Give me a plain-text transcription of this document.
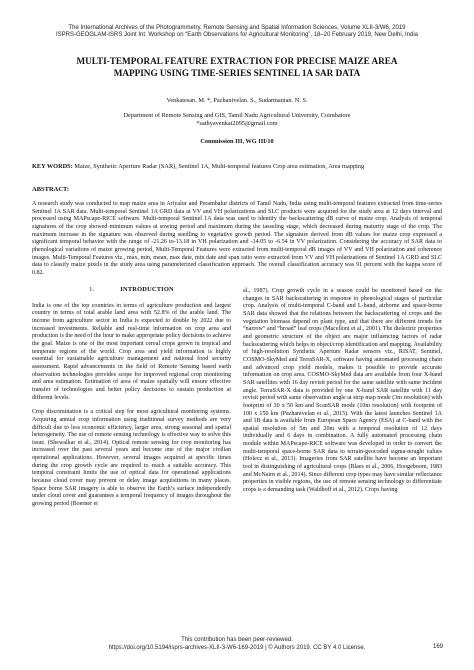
The International Archives of the Photogrammetry, Remote Sensing and Spatial Information Sciences, Volume XLII-3/W6, 2019
ISPRS-GEOGLAM-ISRS Joint Int. Workshop on “Earth Observations for Agricultural Monitoring”, 18–20 February 2019, New Delhi, India
MULTI-TEMPORAL FEATURE EXTRACTION FOR PRECISE MAIZE AREA
MAPPING USING TIME-SERIES SENTINEL 1A SAR DATA
Venkatesan. M. *, Pazhanivelan. S., Sudarmanian. N. S.
Department of Remote Sensing and GIS, Tamil Nadu Agricultural University, Coimbatore
*sathyavenkat2095@gmail.com
Commission III, WG III/10
KEY WORDS: Maize, Synthetic Aperture Radar (SAR), Sentinel 1A, Multi-temporal features Crop area estimation, Area mapping
ABSTRACT:
A research study was conducted to map maize area in Ariyalur and Perambalur districts of Tamil Nadu, India using multi-temporal features extracted from time-series Sentinel 1A SAR data. Multi-temporal Sentinel 1A GRD data at VV and VH polarizations and SLC products were acquired for the study area at 12 days interval and processed using MAPscape-RICE software. Multi-temporal Sentinel 1A data was used to identify the backscattering dB curve of maize crop. Analysis of temporal signatures of the crop showed minimum values at sowing period and maximum during the tasseling stage, which decreased during maturity stage of the crop. The maximum increase in the signature was observed during seedling to vegetative growth period. The signature derived from dB values for maize crop expressed a significant temporal behavior with the range of -21.26 to-13.18 in VH polarization and -14.05 to -6.54 in VV polarization. Considering the accuracy of SAR data to phenological variations of maize growing period, Multi-Temporal Features were extracted from multi-temporal dB images of VV and VH polarization and coherence images. Multi-Temporal Features viz., max, min, mean, max date, min date and span ratio were extracted from VV and VH polarizations of Sentinel 1A GRD and SLC data to classify maize pixels in the study area using parameterized classification approach. The overall classification accuracy was 91 percent with the kappa score of 0.82.
1.	INTRODUCTION

India is one of the top countries in terms of agriculture production and largest country in terms of total arable land area with 52.8% of the arable land. The income from agriculture sector in India is expected to double by 2022 due to increased investments. Reliable and real-time information on crop area and production is the need of the hour to make appropriate policy decisions to achieve the goal. Maize is one of the most important cereal crops grown in tropical and temperate regions of the world. Crop area and yield information is highly essential for sustainable agriculture management and national food security assessment. Rapid advancements in the field of Remote Sensing based earth observation technologies provides scope for improved regional crop monitoring and area estimation. Estimation of area of maize spatially will ensure effective transfer of technologies and better policy decisions to sustain production at different levels.

Crop discrimination is a critical step for most agricultural monitoring systems. Acquiring annual crop information using traditional survey methods are very difficult due to less economic efficiency, larger area, strong seasonal and spatial heterogeneity. The use of remote sensing technology is effective way to solve this issue. (Shewalkar et al., 2014). Optical remote sensing for crop monitoring has increased over the past several years and become one of the major civilian operational applications. However, several images acquired at specific times during the crop growth cycle are required to reach a suitable accuracy. This temporal constraint limits the use of optical data for operational applications because cloud cover may prevent or delay image acquisitions in many places. Space borne SAR imagery is able to observe the Earth’s surface independently under cloud cover and guarantees a temporal frequency of images throughout the growing period (Boerner et

al., 1987). Crop growth cycle in a season could be monitored based on the changes in SAR backscattering in response to phenological stages of particular crop. Analysis of multi-temporal C-band and L-band, airborne and space-borne SAR data showed that the relations between the backscattering of crops and the vegetation biomass depend on plant type, and that there are different trends for “narrow” and “broad” leaf crops (Macelloni et al., 2001). The dielectric properties and geometric structure of the object are major influencing factors of radar backscattering which helps in object/crop identification and mapping. Availability of high-resolution Synthetic Aperture Radar sensors viz., RISAT, Sentinel, COSMO-SkyMed and TerraSAR-X, software having automated processing chain and advanced crop yield models, makes it possible to provide accurate information on crop area. COSMO-SkyMed data are available from four X-band SAR satellites with 16 day revisit period for the same satellite with same incident angle. TerraSAR-X data is provided by one X-band SAR satellite with 11 day revisit period with same observation angle at strip map mode (3m resolution) with footprint of 30 x 50 km and ScanSAR mode (10m resolution) with footprint of 100 x 150 km (Pazhanivelan et al., 2015). With the latest launches Sentinel 1A and 1B data is available from European Space Agency (ESA) at C-band with the spatial resolution of 5m and 20m with a temporal resolution of 12 days individually and 6 days in combination. A fully automated processing chain module within MAPscape-RICE software was developed in order to convert the multi-temporal space-borne SAR data to terrain-geocoded sigma-nought values (Holecz et al., 2013). Imageries from SAR satellite have become an important tool in distinguishing of agricultural crops (Blaes et al., 2006, Hoogeboom, 1983 and McNairn et al., 2014). Since different crop types may have similar reflectance properties in visible regions, the use of remote sensing technology to differentiate crops is a demanding task (Waldhoff et al., 2012). Crops having

This contribution has been peer-reviewed.
https://doi.org/10.5194/isprs-archives-XLII-3-W6-169-2019 | © Authors 2019. CC BY 4.0 License.	169
